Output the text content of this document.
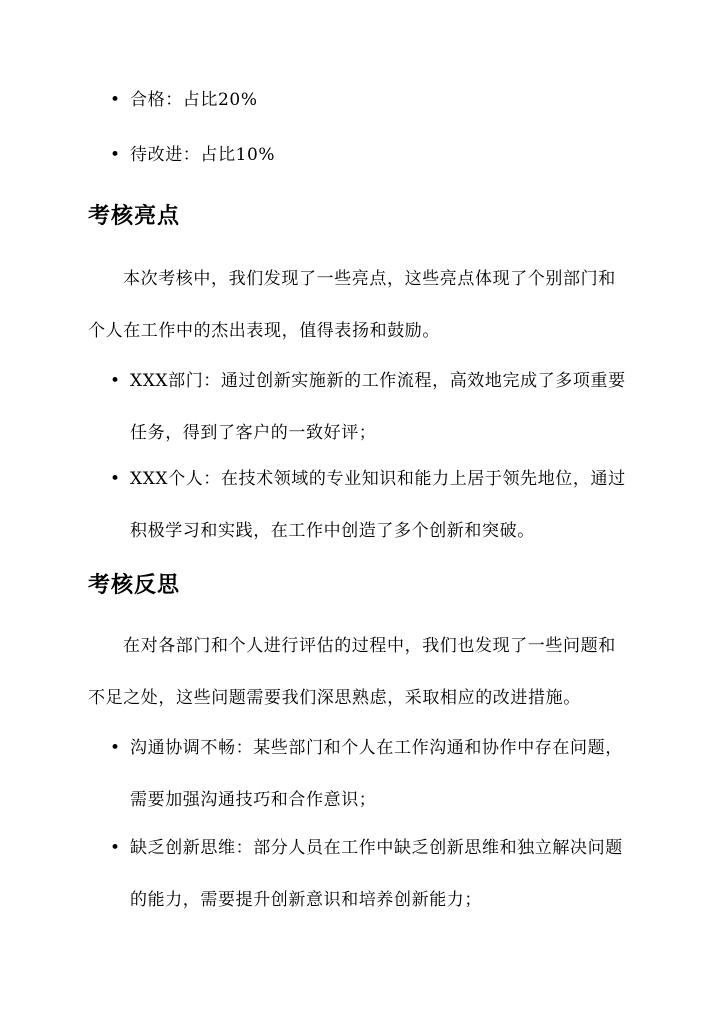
• 合格：占比20%
• 待改进：占比10%
考核亮点

本次考核中，我们发现了一些亮点，这些亮点体现了个别部门和个人在工作中的杰出表现，值得表扬和鼓励。

• XXX部门：通过创新实施新的工作流程，高效地完成了多项重要任务，得到了客户的一致好评；
• XXX个人：在技术领域的专业知识和能力上居于领先地位，通过积极学习和实践，在工作中创造了多个创新和突破。
考核反思

在对各部门和个人进行评估的过程中，我们也发现了一些问题和不足之处，这些问题需要我们深思熟虑，采取相应的改进措施。

• 沟通协调不畅：某些部门和个人在工作沟通和协作中存在问题，需要加强沟通技巧和合作意识；
• 缺乏创新思维：部分人员在工作中缺乏创新思维和独立解决问题的能力，需要提升创新意识和培养创新能力；
